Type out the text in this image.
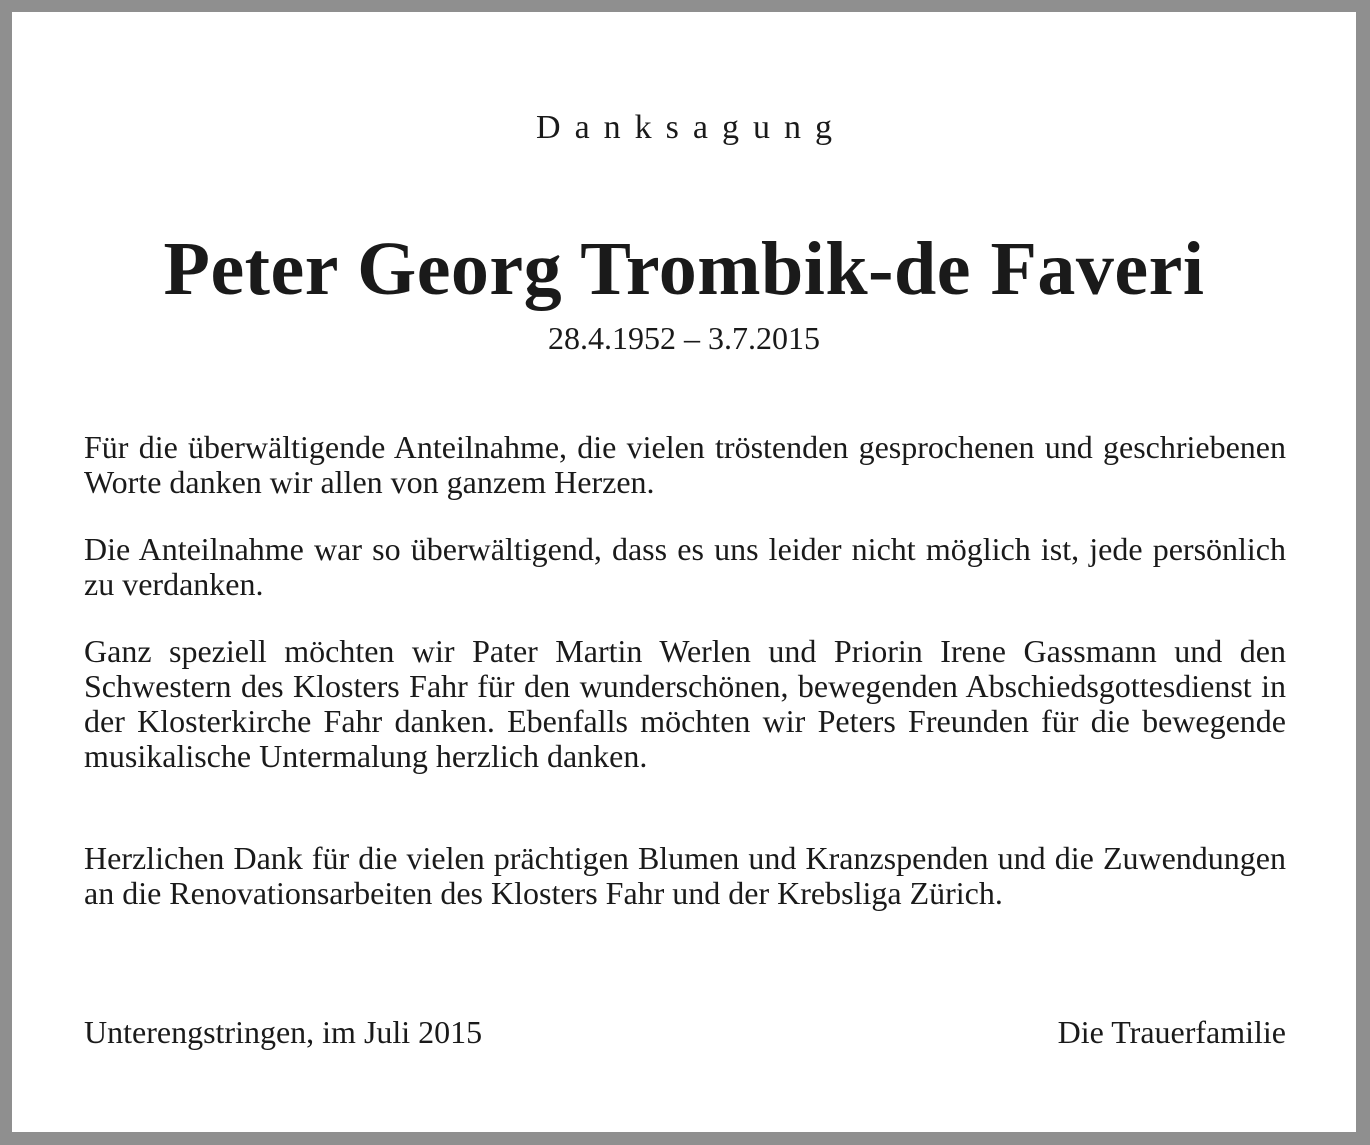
Danksagung
Peter Georg Trombik-de Faveri
28.4.1952 – 3.7.2015

Für die überwältigende Anteilnahme, die vielen tröstenden gesprochenen und geschriebenen Worte danken wir allen von ganzem Herzen.

Die Anteilnahme war so überwältigend, dass es uns leider nicht möglich ist, jede persönlich zu verdanken.

Ganz speziell möchten wir Pater Martin Werlen und Priorin Irene Gassmann und den Schwestern des Klosters Fahr für den wunderschönen, bewegenden Abschiedsgottesdienst in der Klosterkirche Fahr danken. Ebenfalls möchten wir Peters Freunden für die bewegende musikalische Untermalung herzlich danken.

Herzlichen Dank für die vielen prächtigen Blumen und Kranzspenden und die Zuwendungen an die Renovationsarbeiten des Klosters Fahr und der Krebsliga Zürich.

Unterengstringen, im Juli 2015	Die Trauerfamilie
